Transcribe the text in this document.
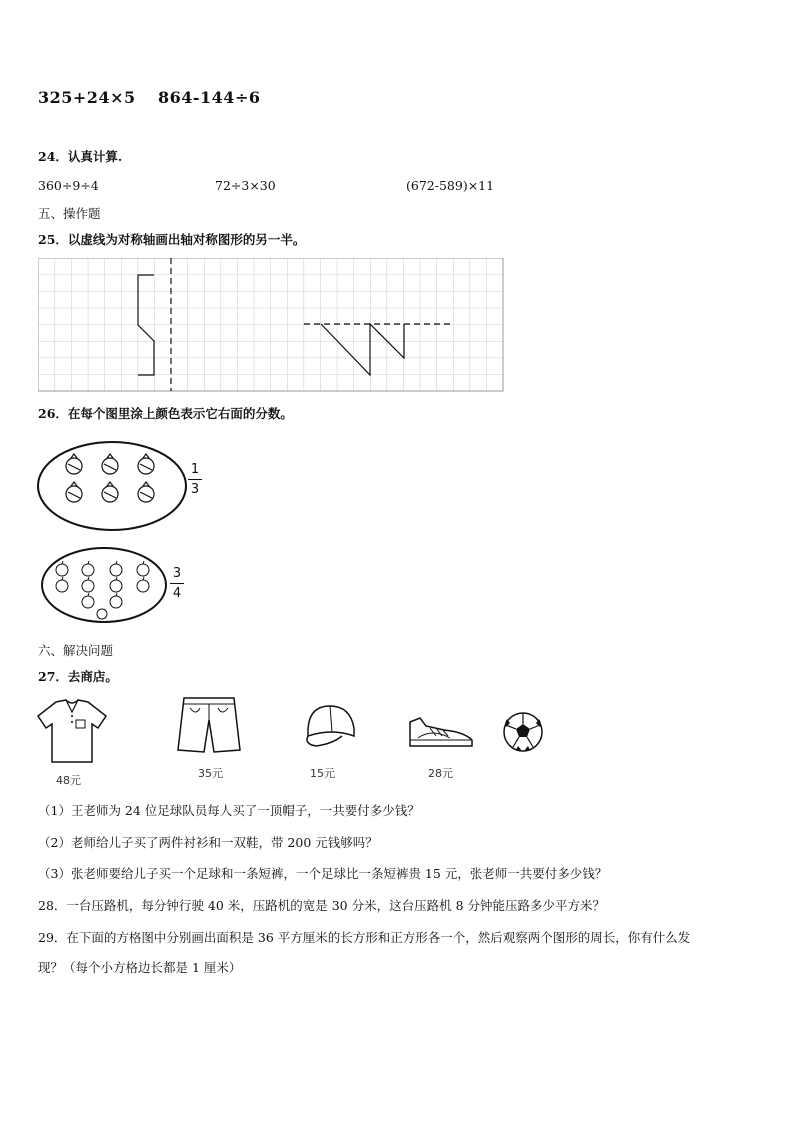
325+24×5 864-144÷6
24．认真计算.
360÷9÷4	72÷3×30	(672-589)×11
五、操作题
25．以虚线为对称轴画出轴对称图形的另一半。
26．在每个图里涂上颜色表示它右面的分数。
1
3
3
4
六、解决问题
27．去商店。
48元
35元	15元	28元
（1）王老师为 24 位足球队员每人买了一顶帽子，一共要付多少钱？
（2）老师给儿子买了两件衬衫和一双鞋，带 200 元钱够吗？
（3）张老师要给儿子买一个足球和一条短裤，一个足球比一条短裤贵 15 元，张老师一共要付多少钱？
28．一台压路机，每分钟行驶 40 米，压路机的宽是 30 分米，这台压路机 8 分钟能压路多少平方米？
29．在下面的方格图中分别画出面积是 36 平方厘米的长方形和正方形各一个，然后观察两个图形的周长，你有什么发
现？（每个小方格边长都是 1 厘米）
